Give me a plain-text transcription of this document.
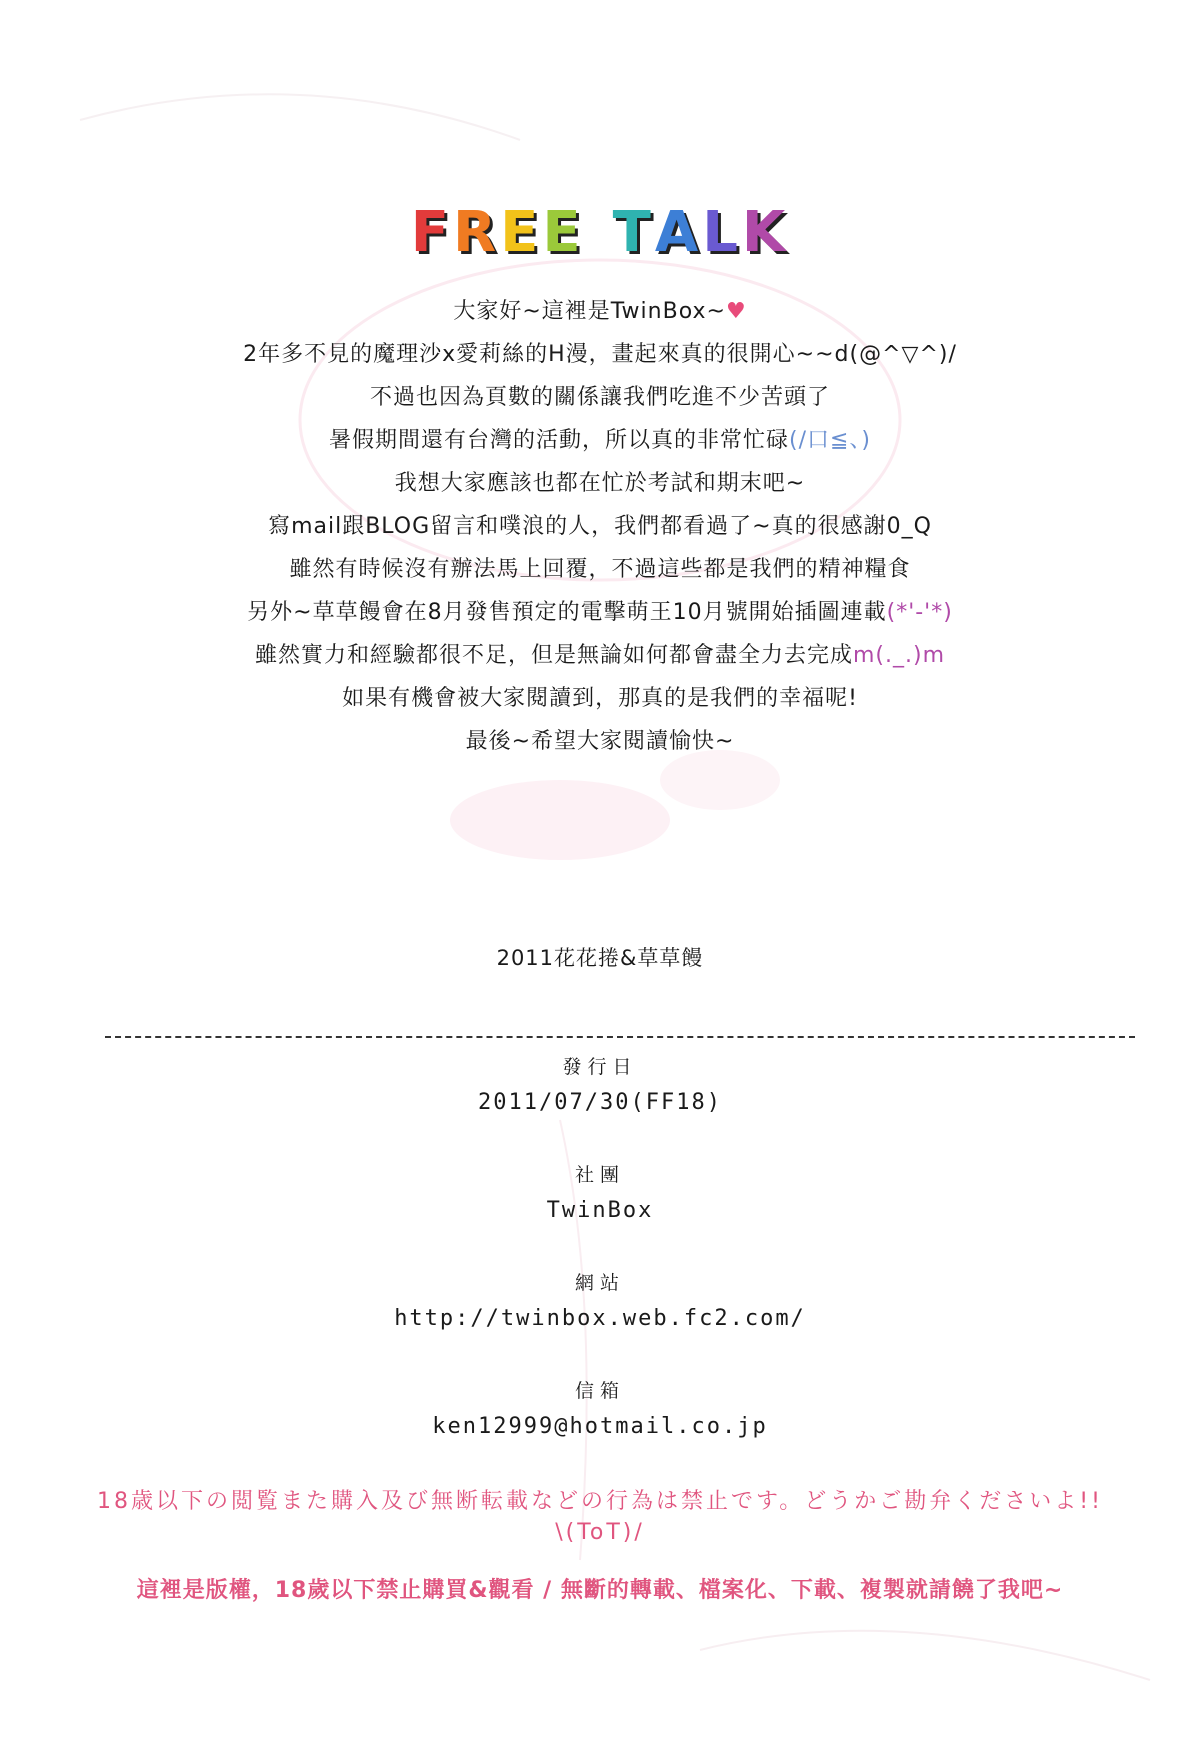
FREE TALK
大家好~這裡是TwinBox~♥
2年多不見的魔理沙x愛莉絲的H漫，畫起來真的很開心~~d(@^▽^)/
不過也因為頁數的關係讓我們吃進不少苦頭了
暑假期間還有台灣的活動，所以真的非常忙碌(/口≦、)
我想大家應該也都在忙於考試和期末吧~
寫mail跟BLOG留言和噗浪的人，我們都看過了~真的很感謝0_Q
雖然有時候沒有辦法馬上回覆，不過這些都是我們的精神糧食
另外~草草饅會在8月發售預定的電擊萌王10月號開始插圖連載(*'-'*)
雖然實力和經驗都很不足，但是無論如何都會盡全力去完成m(._.)m
如果有機會被大家閱讀到，那真的是我們的幸福呢!
最後~希望大家閱讀愉快~
2011花花捲&草草饅
發行日
2011/07/30(FF18)
社團
TwinBox
網站
http://twinbox.web.fc2.com/
信箱
ken12999@hotmail.co.jp
18歳以下の閲覧また購入及び無断転載などの行為は禁止です。どうかご勘弁くださいよ!!
\(ToT)/
這裡是版權，18歲以下禁止購買&觀看 / 無斷的轉載、檔案化、下載、複製就請饒了我吧~
